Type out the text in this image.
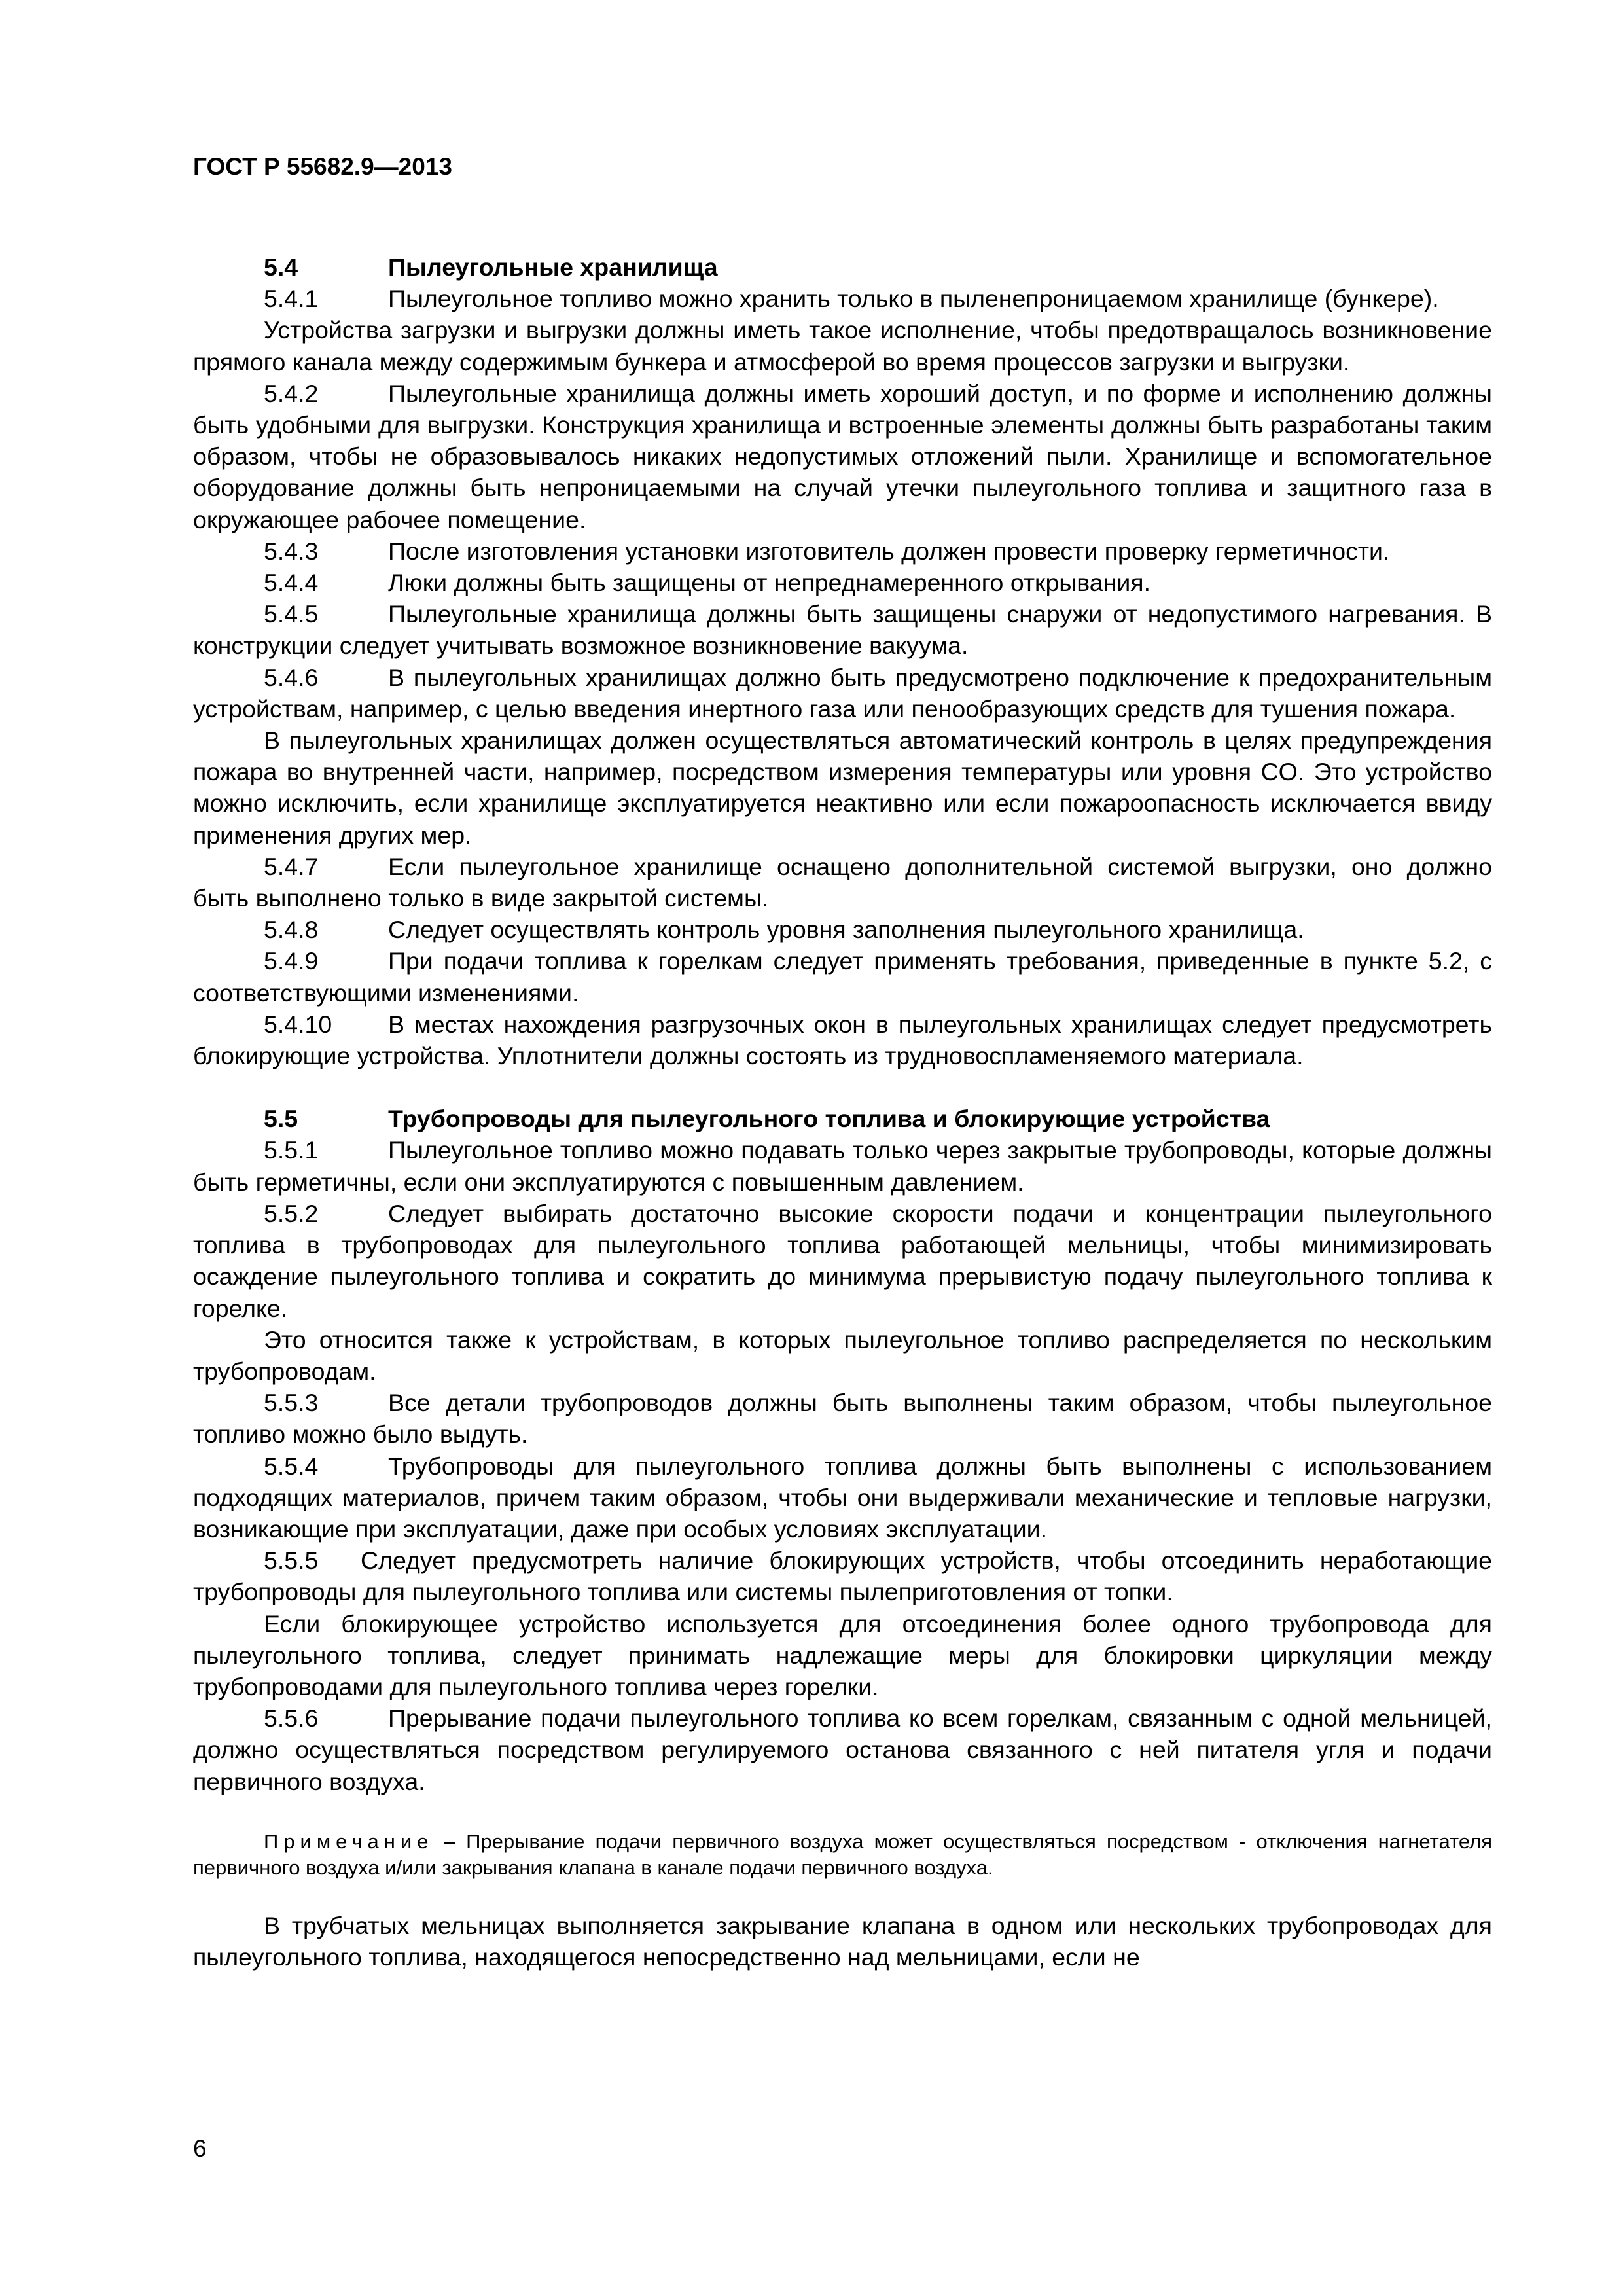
ГОСТ Р 55682.9—2013

5.4	Пылеугольные хранилища

5.4.1	Пылеугольное топливо можно хранить только в пыленепроницаемом хранилище (бункере).

Устройства загрузки и выгрузки должны иметь такое исполнение, чтобы предотвращалось возникновение прямого канала между содержимым бункера и атмосферой во время процессов загрузки и выгрузки.

5.4.2	Пылеугольные хранилища должны иметь хороший доступ, и по форме и исполнению должны быть удобными для выгрузки. Конструкция хранилища и встроенные элементы должны быть разработаны таким образом, чтобы не образовывалось никаких недопустимых отложений пыли. Хранилище и вспомогательное оборудование должны быть непроницаемыми на случай утечки пылеугольного топлива и защитного газа в окружающее рабочее помещение.

5.4.3	После изготовления установки изготовитель должен провести проверку герметичности.

5.4.4	Люки должны быть защищены от непреднамеренного открывания.

5.4.5	Пылеугольные хранилища должны быть защищены снаружи от недопустимого нагревания. В конструкции следует учитывать возможное возникновение вакуума.

5.4.6	В пылеугольных хранилищах должно быть предусмотрено подключение к предохранительным устройствам, например, с целью введения инертного газа или пенообразующих средств для тушения пожара.

В пылеугольных хранилищах должен осуществляться автоматический контроль в целях предупреждения пожара во внутренней части, например, посредством измерения температуры или уровня CO. Это устройство можно исключить, если хранилище эксплуатируется неактивно или если пожароопасность исключается ввиду применения других мер.

5.4.7	Если пылеугольное хранилище оснащено дополнительной системой выгрузки, оно должно быть выполнено только в виде закрытой системы.

5.4.8	Следует осуществлять контроль уровня заполнения пылеугольного хранилища.

5.4.9	При подачи топлива к горелкам следует применять требования, приведенные в пункте 5.2, с соответствующими изменениями.

5.4.10 В местах нахождения разгрузочных окон в пылеугольных хранилищах следует предусмотреть блокирующие устройства. Уплотнители должны состоять из трудновоспламеняемого материала.

5.5	Трубопроводы для пылеугольного топлива и блокирующие устройства

5.5.1	Пылеугольное топливо можно подавать только через закрытые трубопроводы, которые должны быть герметичны, если они эксплуатируются с повышенным давлением.

5.5.2	Следует выбирать достаточно высокие скорости подачи и концентрации пылеугольного топлива в трубопроводах для пылеугольного топлива работающей мельницы, чтобы минимизировать осаждение пылеугольного топлива и сократить до минимума прерывистую подачу пылеугольного топлива к горелке.

Это относится также к устройствам, в которых пылеугольное топливо распределяется по нескольким трубопроводам.

5.5.3	Все детали трубопроводов должны быть выполнены таким образом, чтобы пылеугольное топливо можно было выдуть.

5.5.4	Трубопроводы для пылеугольного топлива должны быть выполнены с использованием подходящих материалов, причем таким образом, чтобы они выдерживали механические и тепловые нагрузки, возникающие при эксплуатации, даже при особых условиях эксплуатации.

5.5.5 Следует предусмотреть наличие блокирующих устройств, чтобы отсоединить неработающие трубопроводы для пылеугольного топлива или системы пылеприготовления от топки.

Если блокирующее устройство используется для отсоединения более одного трубопровода для пылеугольного топлива, следует принимать надлежащие меры для блокировки циркуляции между трубопроводами для пылеугольного топлива через горелки.

5.5.6	Прерывание подачи пылеугольного топлива ко всем горелкам, связанным с одной мельницей, должно осуществляться посредством регулируемого останова связанного с ней питателя угля и подачи первичного воздуха.

Примечание – Прерывание подачи первичного воздуха может осуществляться посредством - отключения нагнетателя первичного воздуха и/или закрывания клапана в канале подачи первичного воздуха.

В трубчатых мельницах выполняется закрывание клапана в одном или нескольких трубопроводах для пылеугольного топлива, находящегося непосредственно над мельницами, если не

6
